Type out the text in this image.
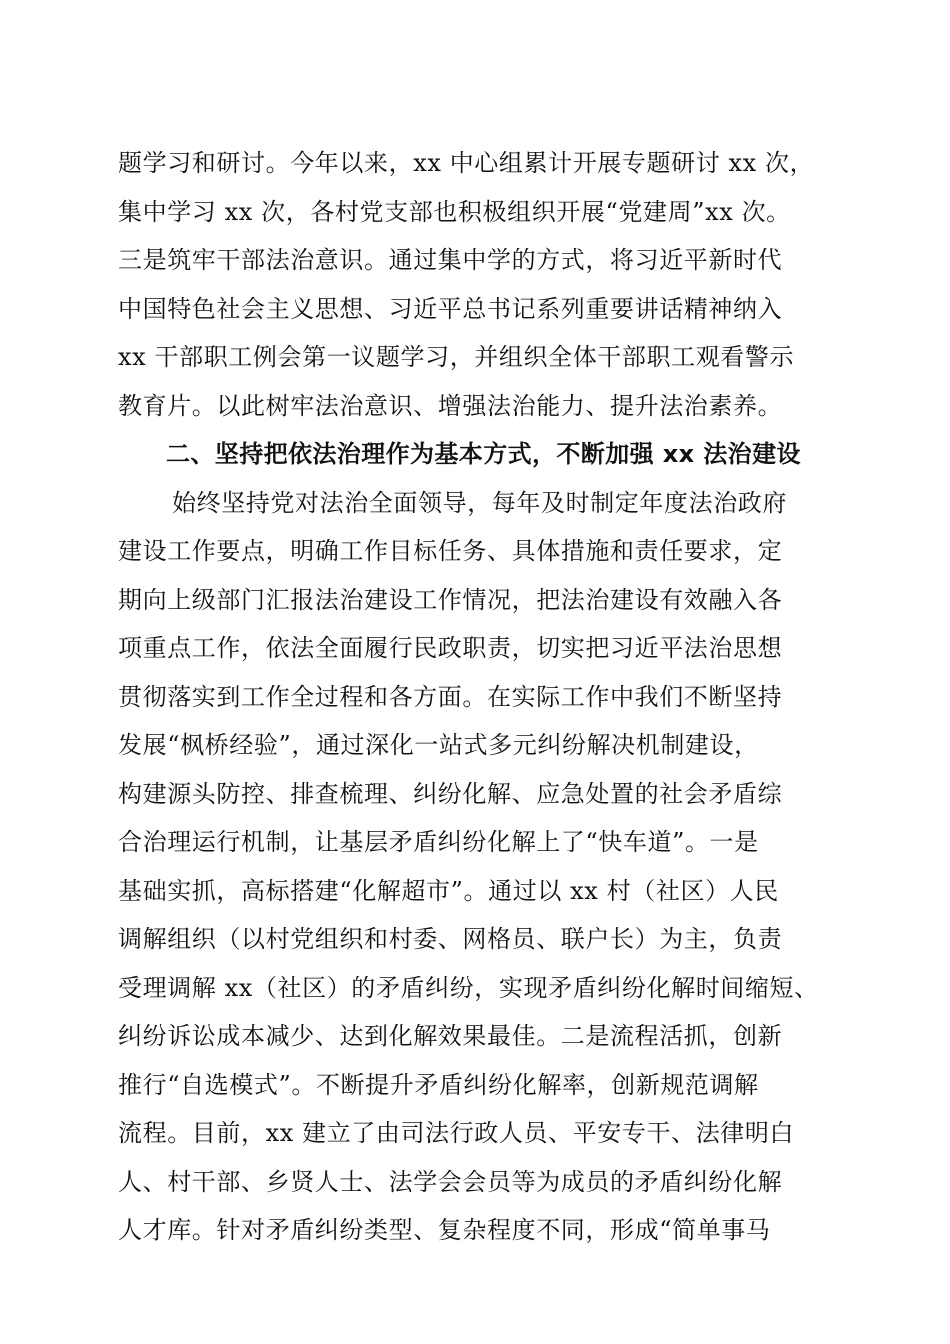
题学习和研讨。今年以来，xx 中心组累计开展专题研讨 xx 次，
集中学习 xx 次，各村党支部也积极组织开展“党建周”xx 次。
三是筑牢干部法治意识。通过集中学的方式，将习近平新时代
中国特色社会主义思想、习近平总书记系列重要讲话精神纳入
xx 干部职工例会第一议题学习，并组织全体干部职工观看警示
教育片。以此树牢法治意识、增强法治能力、提升法治素养。
二、坚持把依法治理作为基本方式，不断加强 xx 法治建设
始终坚持党对法治全面领导，每年及时制定年度法治政府
建设工作要点，明确工作目标任务、具体措施和责任要求，定
期向上级部门汇报法治建设工作情况，把法治建设有效融入各
项重点工作，依法全面履行民政职责，切实把习近平法治思想
贯彻落实到工作全过程和各方面。在实际工作中我们不断坚持
发展“枫桥经验”，通过深化一站式多元纠纷解决机制建设，
构建源头防控、排查梳理、纠纷化解、应急处置的社会矛盾综
合治理运行机制，让基层矛盾纠纷化解上了“快车道”。一是
基础实抓，高标搭建“化解超市”。通过以 xx 村（社区）人民
调解组织（以村党组织和村委、网格员、联户长）为主，负责
受理调解 xx（社区）的矛盾纠纷，实现矛盾纠纷化解时间缩短、
纠纷诉讼成本减少、达到化解效果最佳。二是流程活抓，创新
推行“自选模式”。不断提升矛盾纠纷化解率，创新规范调解
流程。目前，xx 建立了由司法行政人员、平安专干、法律明白
人、村干部、乡贤人士、法学会会员等为成员的矛盾纠纷化解
人才库。针对矛盾纠纷类型、复杂程度不同，形成“简单事马
